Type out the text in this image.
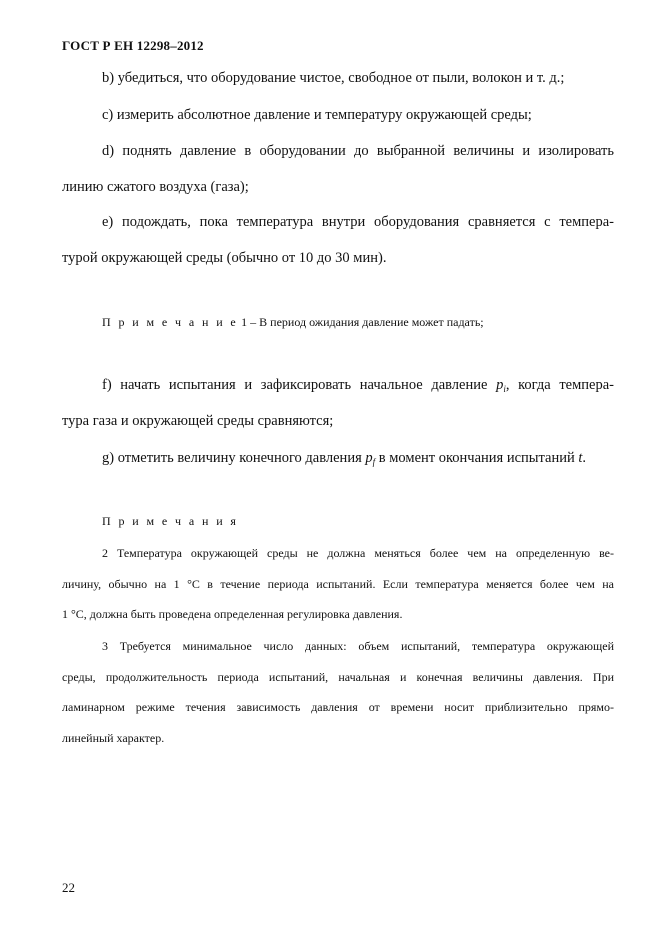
ГОСТ Р ЕН 12298–2012
b) убедиться, что оборудование чистое, свободное от пыли, волокон и т. д.;
c) измерить абсолютное давление и температуру окружающей среды;
d) поднять давление в оборудовании до выбранной величины и изолировать
линию сжатого воздуха (газа);
e) подождать, пока температура внутри оборудования сравняется с темпера-
турой окружающей среды (обычно от 10 до 30 мин).
П р и м е ч а н и е 1 – В период ожидания давление может падать;
f) начать испытания и зафиксировать начальное давление $p_i$, когда темпера-
тура газа и окружающей среды сравняются;
g) отметить величину конечного давления $p_f$ в момент окончания испытаний t.
П р и м е ч а н и я
2 Температура окружающей среды не должна меняться более чем на определенную ве-
личину, обычно на 1 °С в течение периода испытаний. Если температура меняется более чем на
1 °С, должна быть проведена определенная регулировка давления.
3 Требуется минимальное число данных: объем испытаний, температура окружающей
среды, продолжительность периода испытаний, начальная и конечная величины давления. При
ламинарном режиме течения зависимость давления от времени носит приблизительно прямо-
линейный характер.
22
